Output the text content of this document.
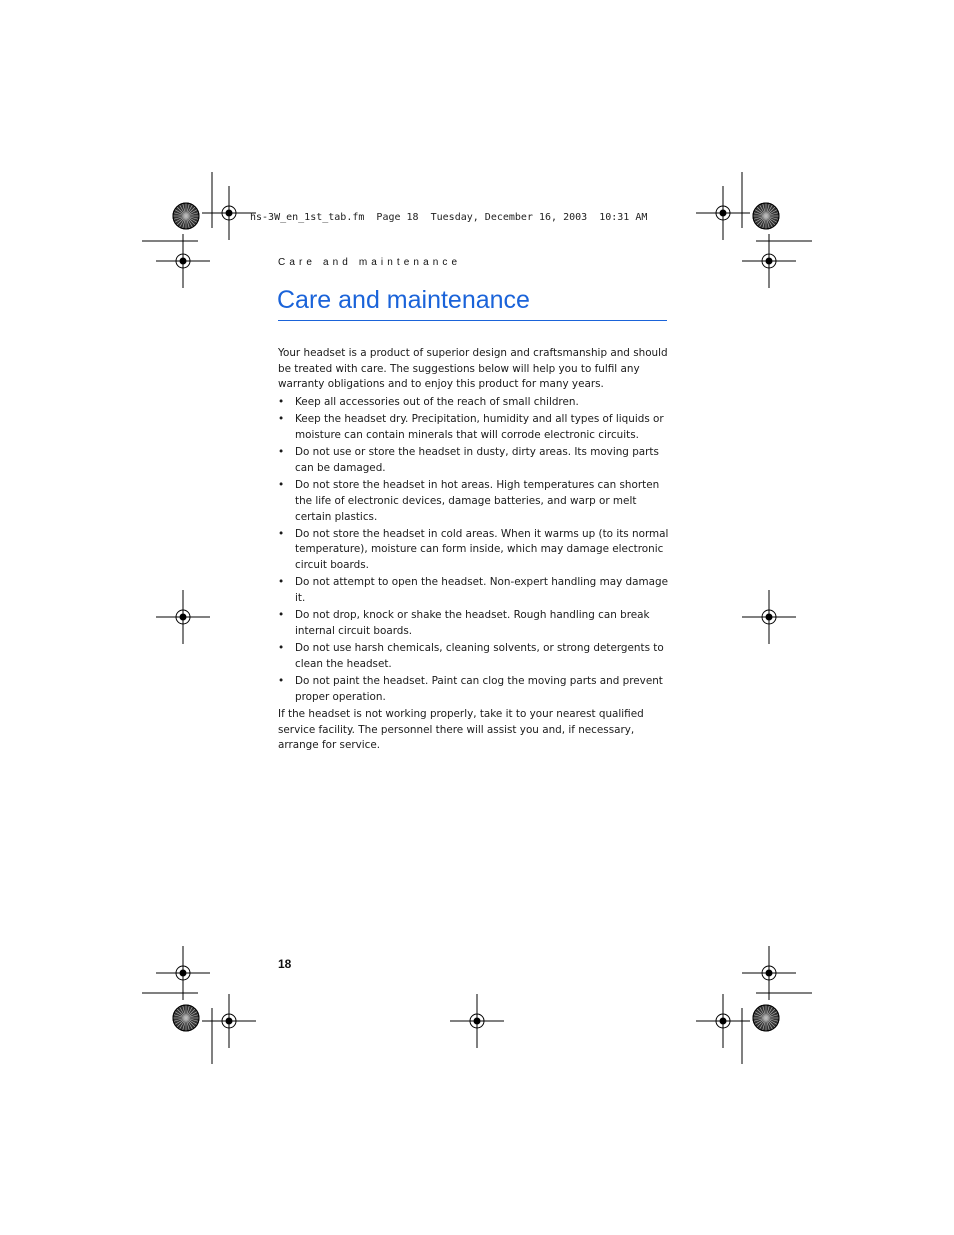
hs-3W_en_1st_tab.fm  Page 18  Tuesday, December 16, 2003  10:31 AM
Care and maintenance
Care and maintenance

Your headset is a product of superior design and craftsmanship and should be treated with care. The suggestions below will help you to fulfil any warranty obligations and to enjoy this product for many years.

• Keep all accessories out of the reach of small children.
• Keep the headset dry. Precipitation, humidity and all types of liquids or moisture can contain minerals that will corrode electronic circuits.
• Do not use or store the headset in dusty, dirty areas. Its moving parts can be damaged.
• Do not store the headset in hot areas. High temperatures can shorten the life of electronic devices, damage batteries, and warp or melt certain plastics.
• Do not store the headset in cold areas. When it warms up (to its normal temperature), moisture can form inside, which may damage electronic circuit boards.
• Do not attempt to open the headset. Non-expert handling may damage it.
• Do not drop, knock or shake the headset. Rough handling can break internal circuit boards.
• Do not use harsh chemicals, cleaning solvents, or strong detergents to clean the headset.
• Do not paint the headset. Paint can clog the moving parts and prevent proper operation.

If the headset is not working properly, take it to your nearest qualified service facility. The personnel there will assist you and, if necessary, arrange for service.

18
